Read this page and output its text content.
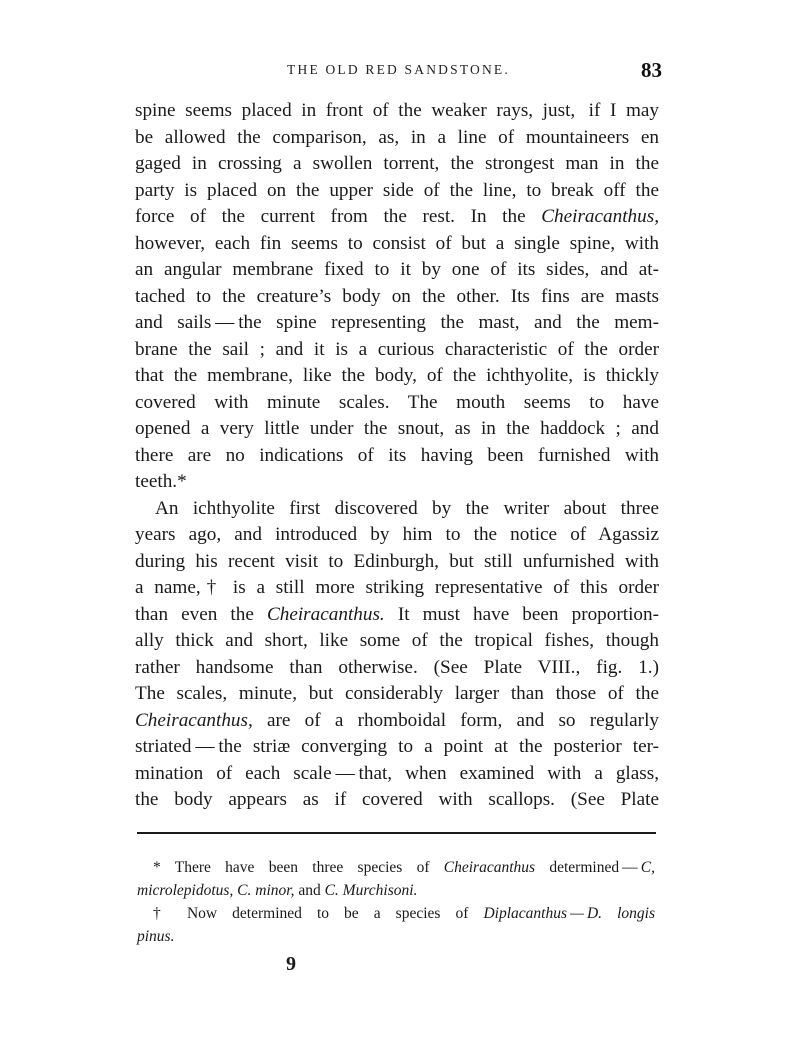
THE OLD RED SANDSTONE.	83
spine seems placed in front of the weaker rays, just,  if I may
be allowed the comparison, as, in a line of mountaineers en
gaged in crossing a swollen torrent, the strongest man in the
party is placed on the upper side of the line, to break off the
force of the current from the rest. In the Cheiracanthus,
however, each fin seems to consist of but a single spine, with
an angular membrane fixed to it by one of its sides, and at-
tached to the creature’s body on the other. Its fins are masts
and sails — the spine representing the mast, and the mem-
brane the sail ; and it is a curious characteristic of the order
that the membrane, like the body, of the ichthyolite, is thickly
covered with minute scales. The mouth seems to have
opened a very little under the snout, as in the haddock ; and
there are no indications of its having been furnished with
teeth.*
An ichthyolite first discovered by the writer about three
years ago, and introduced by him to the notice of Agassiz
during his recent visit to Edinburgh, but still unfurnished with
a name,† is a still more striking representative of this order
than even the Cheiracanthus. It must have been proportion-
ally thick and short, like some of the tropical fishes, though
rather handsome than otherwise. (See Plate VIII., fig. 1.)
The scales, minute, but considerably larger than those of the
Cheiracanthus, are of a rhomboidal form, and so regularly
striated — the striæ converging to a point at the posterior ter-
mination of each scale — that, when examined with a glass,
the body appears as if covered with scallops. (See Plate
* There have been three species of Cheiracanthus determined — C,
microlepidotus, C. minor, and C. Murchisoni.
† Now determined to be a species of Diplacanthus — D. longis
pinus.
9
